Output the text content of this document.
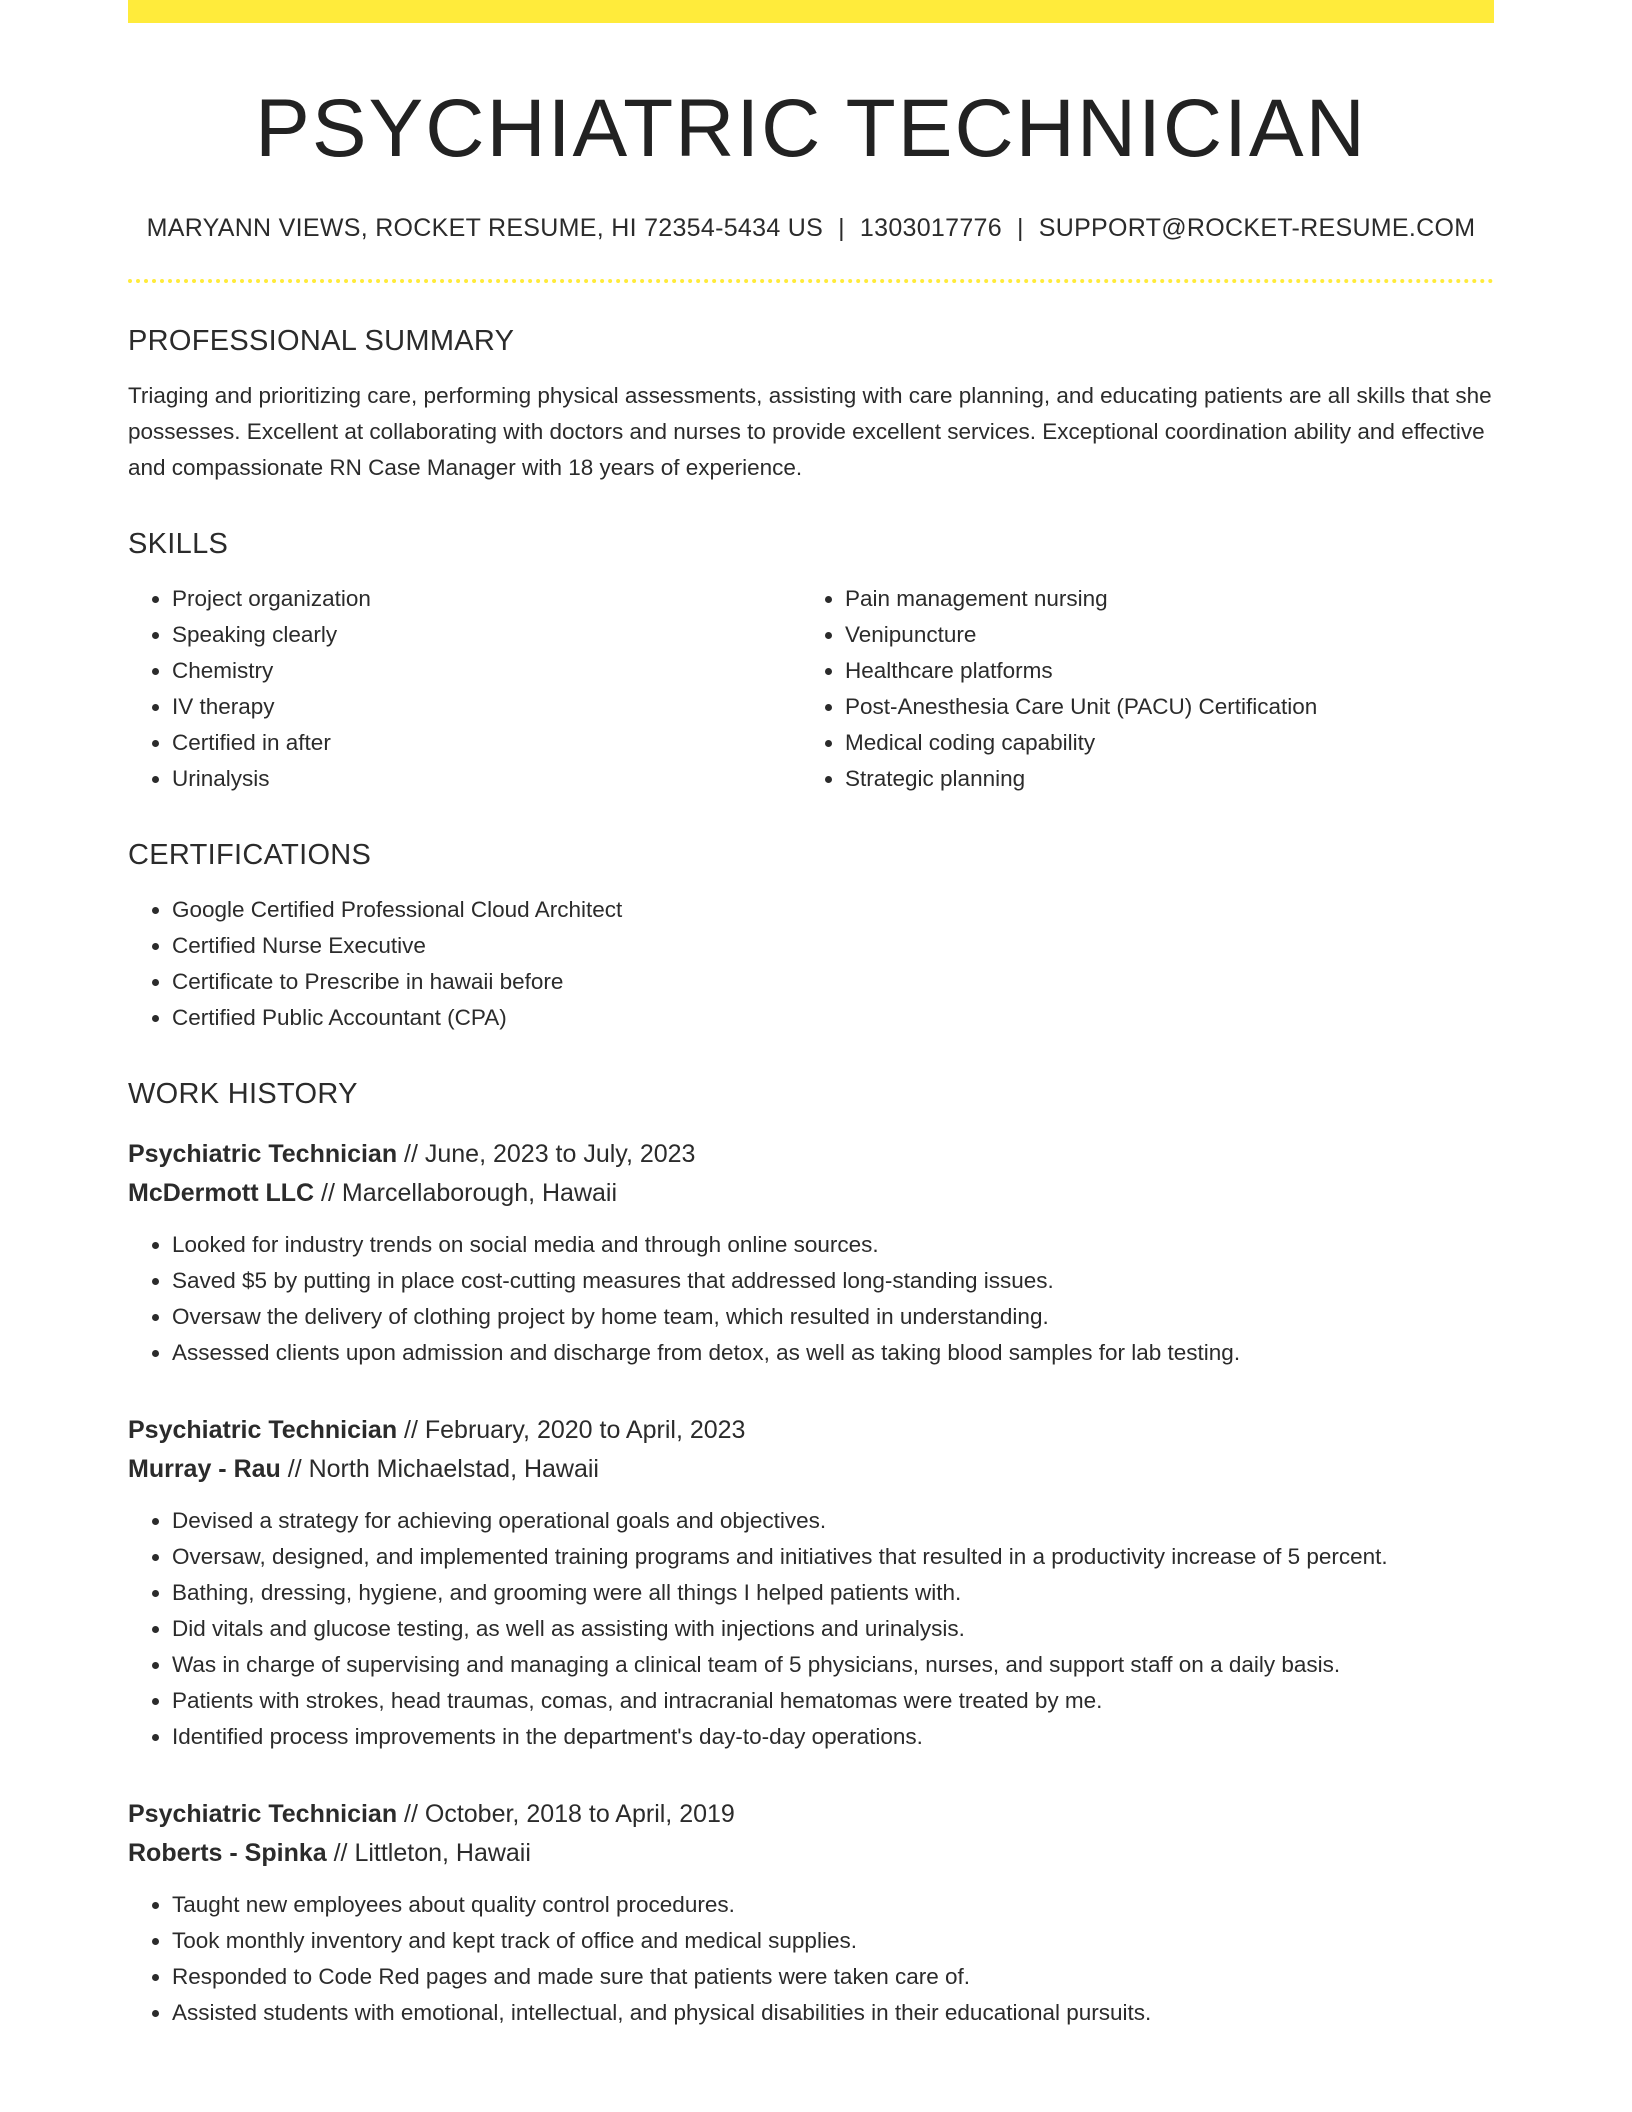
PSYCHIATRIC TECHNICIAN
MARYANN VIEWS, ROCKET RESUME, HI 72354-5434 US | 1303017776 | SUPPORT@ROCKET-RESUME.COM
PROFESSIONAL SUMMARY

Triaging and prioritizing care, performing physical assessments, assisting with care planning, and educating patients are all skills that she possesses. Excellent at collaborating with doctors and nurses to provide excellent services. Exceptional coordination ability and effective and compassionate RN Case Manager with 18 years of experience.

SKILLS
• Project organization
• Speaking clearly
• Chemistry
• IV therapy
• Certified in after
• Urinalysis
• Pain management nursing
• Venipuncture
• Healthcare platforms
• Post-Anesthesia Care Unit (PACU) Certification
• Medical coding capability
• Strategic planning
CERTIFICATIONS
• Google Certified Professional Cloud Architect
• Certified Nurse Executive
• Certificate to Prescribe in hawaii before
• Certified Public Accountant (CPA)
WORK HISTORY
Psychiatric Technician // June, 2023 to July, 2023
McDermott LLC // Marcellaborough, Hawaii
• Looked for industry trends on social media and through online sources.
• Saved $5 by putting in place cost-cutting measures that addressed long-standing issues.
• Oversaw the delivery of clothing project by home team, which resulted in understanding.
• Assessed clients upon admission and discharge from detox, as well as taking blood samples for lab testing.
Psychiatric Technician // February, 2020 to April, 2023
Murray - Rau // North Michaelstad, Hawaii
• Devised a strategy for achieving operational goals and objectives.
• Oversaw, designed, and implemented training programs and initiatives that resulted in a productivity increase of 5 percent.
• Bathing, dressing, hygiene, and grooming were all things I helped patients with.
• Did vitals and glucose testing, as well as assisting with injections and urinalysis.
• Was in charge of supervising and managing a clinical team of 5 physicians, nurses, and support staff on a daily basis.
• Patients with strokes, head traumas, comas, and intracranial hematomas were treated by me.
• Identified process improvements in the department's day-to-day operations.
Psychiatric Technician // October, 2018 to April, 2019
Roberts - Spinka // Littleton, Hawaii
• Taught new employees about quality control procedures.
• Took monthly inventory and kept track of office and medical supplies.
• Responded to Code Red pages and made sure that patients were taken care of.
• Assisted students with emotional, intellectual, and physical disabilities in their educational pursuits.
